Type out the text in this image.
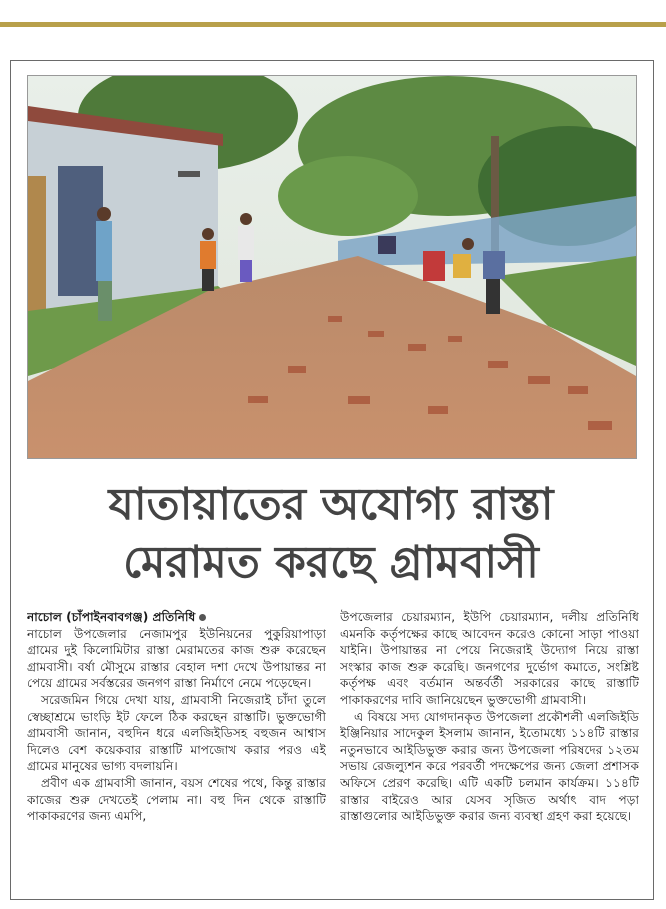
যাতায়াতের অযোগ্য রাস্তা
মেরামত করছে গ্রামবাসী
নাচোল (চাঁপাইনবাবগঞ্জ) প্রতিনিধি

নাচোল উপজেলার নেজামপুর ইউনিয়নের পুকুরিয়াপাড়া গ্রামের দুই কিলোমিটার রাস্তা মেরামতের কাজ শুরু করেছেন গ্রামবাসী। বর্ষা মৌসুমে রাস্তার বেহাল দশা দেখে উপায়ান্তর না পেয়ে গ্রামের সর্বস্তরের জনগণ রাস্তা নির্মাণে নেমে পড়েছেন।

সরেজমিন গিয়ে দেখা যায়, গ্রামবাসী নিজেরাই চাঁদা তুলে স্বেচ্ছাশ্রমে ভাংড়ি ইট ফেলে ঠিক করছেন রাস্তাটি। ভুক্তভোগী গ্রামবাসী জানান, বহুদিন ধরে এলজিইডিসহ বহুজন আশ্বাস দিলেও বেশ কয়েকবার রাস্তাটি মাপজোখ করার পরও এই গ্রামের মানুষের ভাগ্য বদলায়নি।

প্রবীণ এক গ্রামবাসী জানান, বয়স শেষের পথে, কিন্তু রাস্তার কাজের শুরু দেখতেই পেলাম না। বহু দিন থেকে রাস্তাটি পাকাকরণের জন্য এমপি,

উপজেলার চেয়ারম্যান, ইউপি চেয়ারম্যান, দলীয় প্রতিনিধি এমনকি কর্তৃপক্ষের কাছে আবেদন করেও কোনো সাড়া পাওয়া যাইনি। উপায়ান্তর না পেয়ে নিজেরাই উদ্যোগ নিয়ে রাস্তা সংস্কার কাজ শুরু করেছি। জনগণের দুর্ভোগ কমাতে, সংশ্লিষ্ট কর্তৃপক্ষ এবং বর্তমান অন্তর্বর্তী সরকারের কাছে রাস্তাটি পাকাকরণের দাবি জানিয়েছেন ভুক্তভোগী গ্রামবাসী।

এ বিষয়ে সদ্য যোগদানকৃত উপজেলা প্রকৌশলী এলজিইডি ইঞ্জিনিয়ার সাদেকুল ইসলাম জানান, ইতোমধ্যে ১১৪টি রাস্তার নতুনভাবে আইডিভুক্ত করার জন্য উপজেলা পরিষদের ১২তম সভায় রেজল্যুশন করে পরবর্তী পদক্ষেপের জন্য জেলা প্রশাসক অফিসে প্রেরণ করেছি। এটি একটি চলমান কার্যক্রম। ১১৪টি রাস্তার বাইরেও আর যেসব সৃজিত অর্থাৎ বাদ পড়া রাস্তাগুলোর আইডিভুক্ত করার জন্য ব্যবস্থা গ্রহণ করা হয়েছে।
